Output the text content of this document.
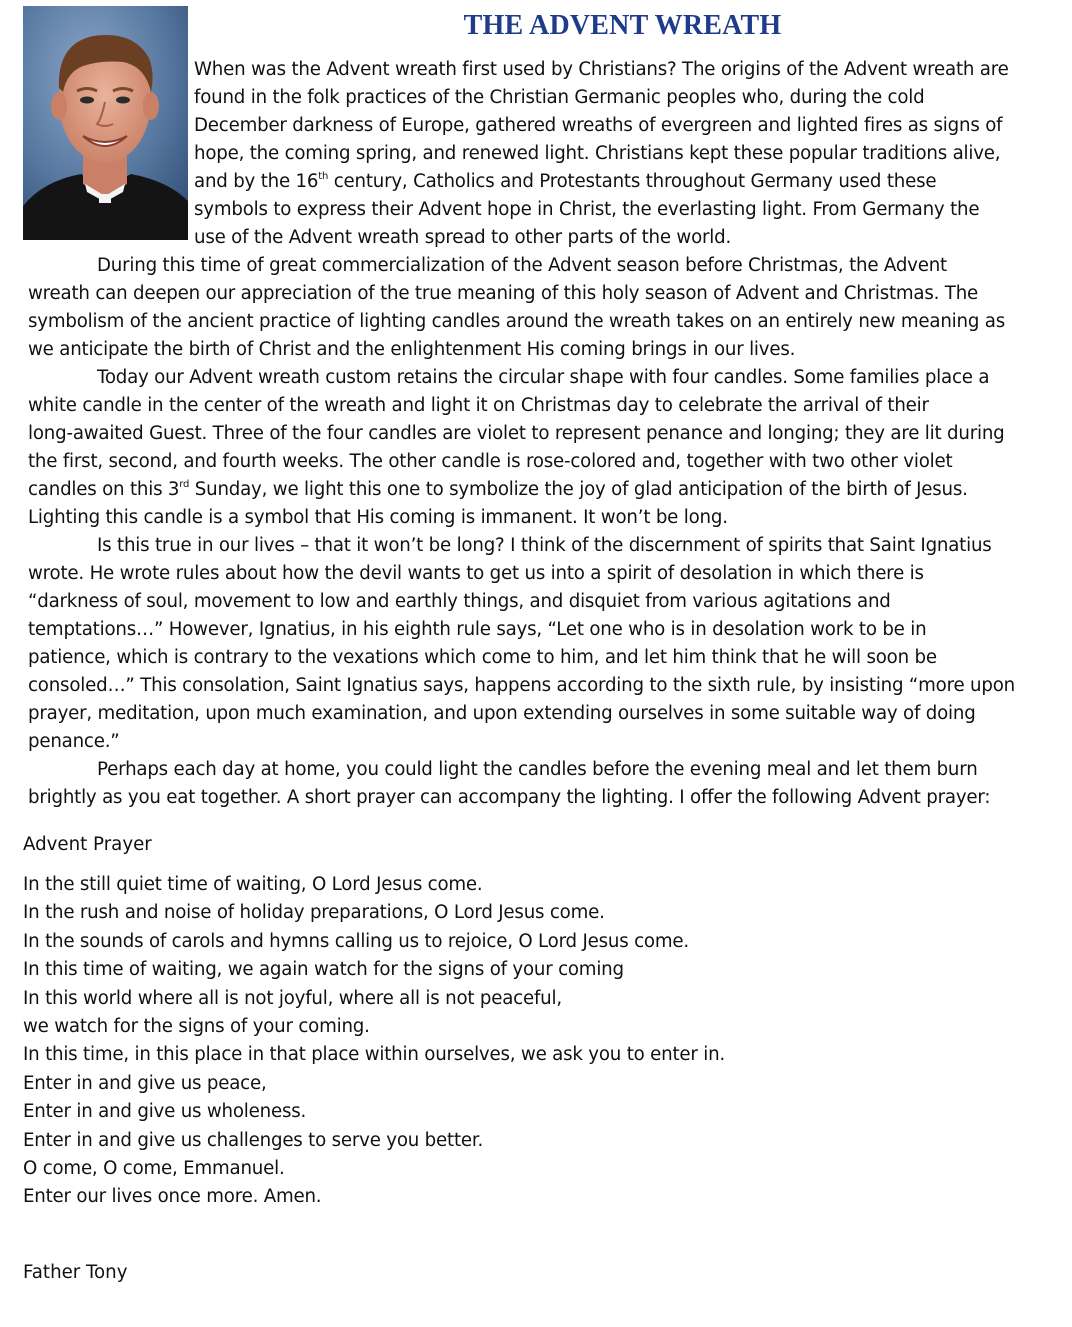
THE ADVENT WREATH
When was the Advent wreath first used by Christians? The origins of the Advent wreath are
found in the folk practices of the Christian Germanic peoples who, during the cold
December darkness of Europe, gathered wreaths of evergreen and lighted fires as signs of
hope, the coming spring, and renewed light. Christians kept these popular traditions alive,
and by the 16th century, Catholics and Protestants throughout Germany used these
symbols to express their Advent hope in Christ, the everlasting light. From Germany the
use of the Advent wreath spread to other parts of the world.
During this time of great commercialization of the Advent season before Christmas, the Advent
wreath can deepen our appreciation of the true meaning of this holy season of Advent and Christmas. The
symbolism of the ancient practice of lighting candles around the wreath takes on an entirely new meaning as
we anticipate the birth of Christ and the enlightenment His coming brings in our lives.
Today our Advent wreath custom retains the circular shape with four candles. Some families place a
white candle in the center of the wreath and light it on Christmas day to celebrate the arrival of their
long-awaited Guest. Three of the four candles are violet to represent penance and longing; they are lit during
the first, second, and fourth weeks. The other candle is rose-colored and, together with two other violet
candles on this 3rd Sunday, we light this one to symbolize the joy of glad anticipation of the birth of Jesus.
Lighting this candle is a symbol that His coming is immanent. It won’t be long.
Is this true in our lives – that it won’t be long? I think of the discernment of spirits that Saint Ignatius
wrote. He wrote rules about how the devil wants to get us into a spirit of desolation in which there is
“darkness of soul, movement to low and earthly things, and disquiet from various agitations and
temptations…” However, Ignatius, in his eighth rule says, “Let one who is in desolation work to be in
patience, which is contrary to the vexations which come to him, and let him think that he will soon be
consoled…” This consolation, Saint Ignatius says, happens according to the sixth rule, by insisting “more upon
prayer, meditation, upon much examination, and upon extending ourselves in some suitable way of doing
penance.”
Perhaps each day at home, you could light the candles before the evening meal and let them burn
brightly as you eat together. A short prayer can accompany the lighting. I offer the following Advent prayer:
Advent Prayer
In the still quiet time of waiting, O Lord Jesus come.
In the rush and noise of holiday preparations, O Lord Jesus come.
In the sounds of carols and hymns calling us to rejoice, O Lord Jesus come.
In this time of waiting, we again watch for the signs of your coming
In this world where all is not joyful, where all is not peaceful,
we watch for the signs of your coming.
In this time, in this place in that place within ourselves, we ask you to enter in.
Enter in and give us peace,
Enter in and give us wholeness.
Enter in and give us challenges to serve you better.
O come, O come, Emmanuel.
Enter our lives once more. Amen.
Father Tony
